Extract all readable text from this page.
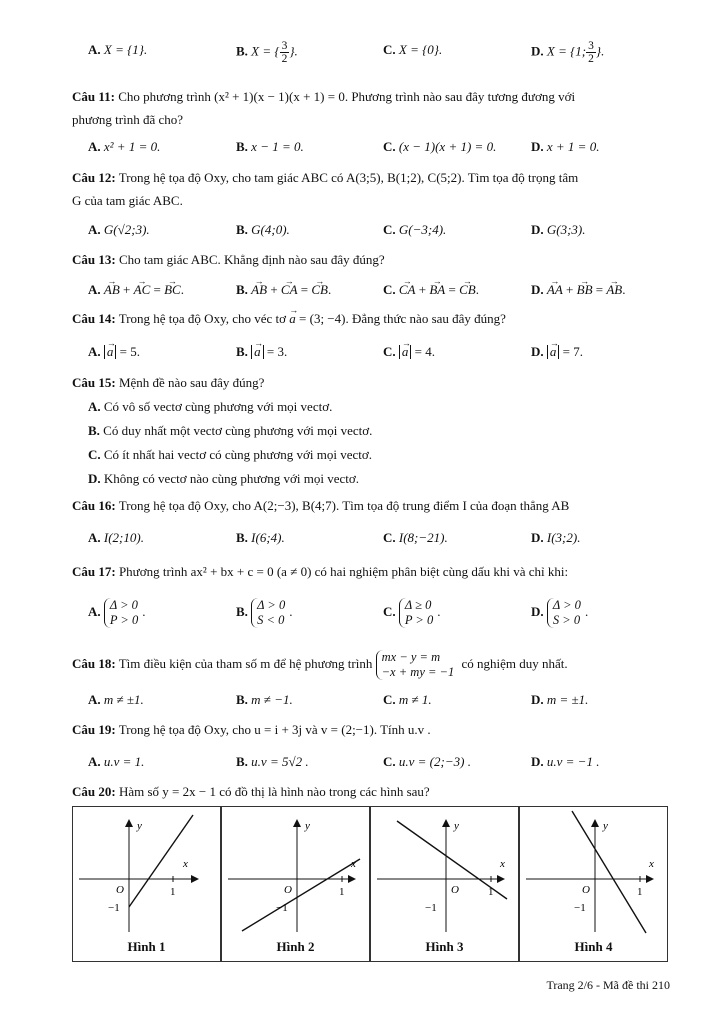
A. X = {1}.	B. X = { $\frac{3}{2}$ }.	C. X = {0}.	D. X = {1; $\frac{3}{2}$ }.
Câu 11: Cho phương trình (x² + 1)(x − 1)(x + 1) = 0. Phương trình nào sau đây tương đương với
phương trình đã cho?
A. x² + 1 = 0.	B. x − 1 = 0.	C. (x − 1)(x + 1) = 0.	D. x + 1 = 0.
Câu 12: Trong hệ tọa độ Oxy, cho tam giác ABC có A(3;5), B(1;2), C(5;2). Tìm tọa độ trọng tâm
G của tam giác ABC.
A. G(√2;3).	B. G(4;0).	C. G(−3;4).	D. G(3;3).
Câu 13: Cho tam giác ABC. Khẳng định nào sau đây đúng?
A. → AB + → AC = → BC.	B. → AB + → CA = → CB.	C. → CA + → BA = → CB.	D. → AA + → BB = → AB.
Câu 14: Trong hệ tọa độ Oxy, cho véc tơ → a = (3; −4). Đẳng thức nào sau đây đúng?
A. → a = 5.	B. → a = 3.	C. → a = 4.	D. → a = 7.
Câu 15: Mệnh đề nào sau đây đúng?
A. Có vô số vectơ cùng phương với mọi vectơ.
B. Có duy nhất một vectơ cùng phương với mọi vectơ.
C. Có ít nhất hai vectơ có cùng phương với mọi vectơ.
D. Không có vectơ nào cùng phương với mọi vectơ.
Câu 16: Trong hệ tọa độ Oxy, cho A(2;−3), B(4;7). Tìm tọa độ trung điểm I của đoạn thẳng AB
A. I(2;10).	B. I(6;4).	C. I(8;−21).	D. I(3;2).
Câu 17: Phương trình ax² + bx + c = 0 (a ≠ 0) có hai nghiệm phân biệt cùng dấu khi và chỉ khi:
A. Δ > 0
P > 0.	B. Δ > 0
S < 0.	C. Δ ≥ 0
P > 0.	D. Δ > 0
S > 0.
Câu 18: Tìm điều kiện của tham số m để hệ phương trình mx − y = m
−x + my = −1 có nghiệm duy nhất.
A. m ≠ ±1.	B. m ≠ −1.	C. m ≠ 1.	D. m = ±1.
Câu 19: Trong hệ tọa độ Oxy, cho u = i + 3j và v = (2;−1). Tính u.v .
A. u.v = 1.	B. u.v = 5√2 .	C. u.v = (2;−3) .	D. u.v = −1 .
Câu 20: Hàm số y = 2x − 1 có đồ thị là hình nào trong các hình sau?
y
x
O	1
−1
Hình 1
y
x
O	1
−1
Hình 2
y
x
O	1
−1
Hình 3
y
x
O	1
−1
Hình 4
Trang 2/6 - Mã đề thi 210
